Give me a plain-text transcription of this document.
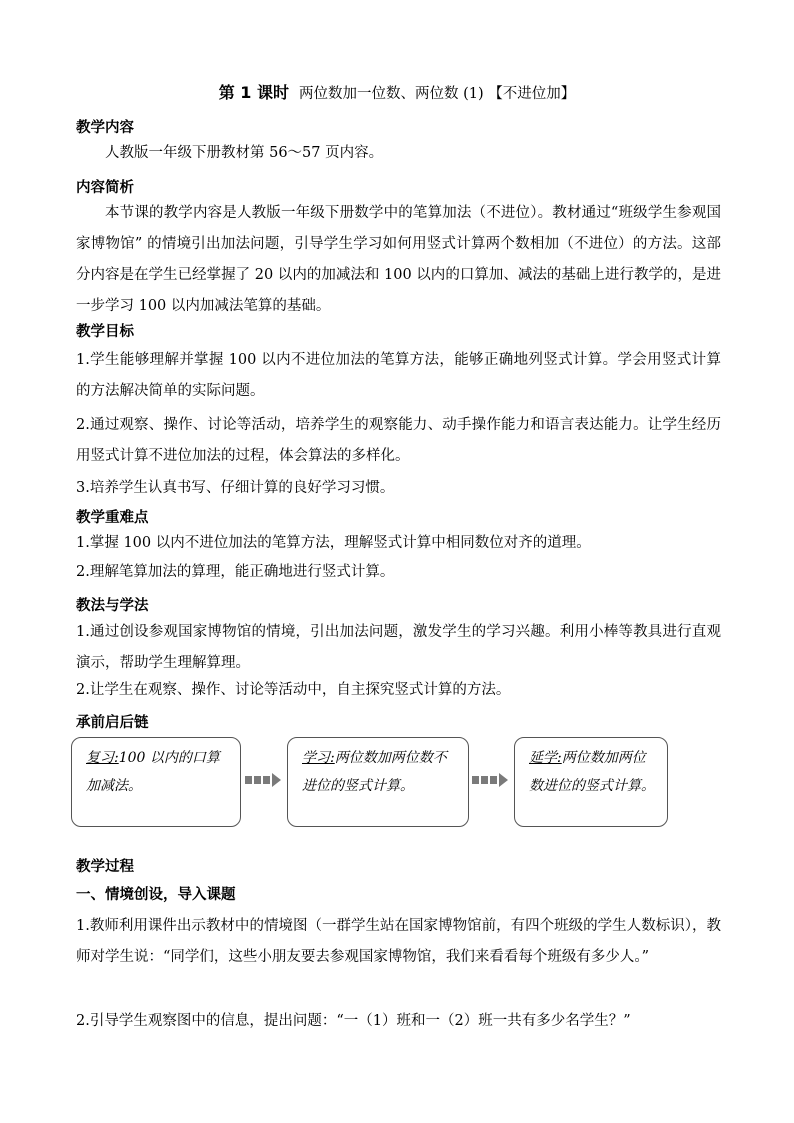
第 1 课时 两位数加一位数、两位数 (1) 【不进位加】
教学内容
人教版一年级下册教材第 56～57 页内容。
内容简析
本节课的教学内容是人教版一年级下册数学中的笔算加法（不进位）。教材通过“班级学生参观国家博物馆” 的情境引出加法问题，引导学生学习如何用竖式计算两个数相加（不进位）的方法。这部分内容是在学生已经掌握了 20 以内的加减法和 100 以内的口算加、减法的基础上进行教学的，是进一步学习 100 以内加减法笔算的基础。
教学目标
1.学生能够理解并掌握 100 以内不进位加法的笔算方法，能够正确地列竖式计算。学会用竖式计算的方法解决简单的实际问题。
2.通过观察、操作、讨论等活动，培养学生的观察能力、动手操作能力和语言表达能力。让学生经历用竖式计算不进位加法的过程，体会算法的多样化。
3.培养学生认真书写、仔细计算的良好学习习惯。
教学重难点
1.掌握 100 以内不进位加法的笔算方法，理解竖式计算中相同数位对齐的道理。
2.理解笔算加法的算理，能正确地进行竖式计算。
教法与学法
1.通过创设参观国家博物馆的情境，引出加法问题，激发学生的学习兴趣。利用小棒等教具进行直观演示，帮助学生理解算理。
2.让学生在观察、操作、讨论等活动中，自主探究竖式计算的方法。
承前启后链
复习:100 以内的口算加减法。
学习:两位数加两位数不进位的竖式计算。
延学:两位数加两位数进位的竖式计算。
教学过程
一、情境创设，导入课题
1.教师利用课件出示教材中的情境图（一群学生站在国家博物馆前，有四个班级的学生人数标识），教师对学生说：“同学们，这些小朋友要去参观国家博物馆，我们来看看每个班级有多少人。”
2.引导学生观察图中的信息，提出问题：“一（1）班和一（2）班一共有多少名学生？”
